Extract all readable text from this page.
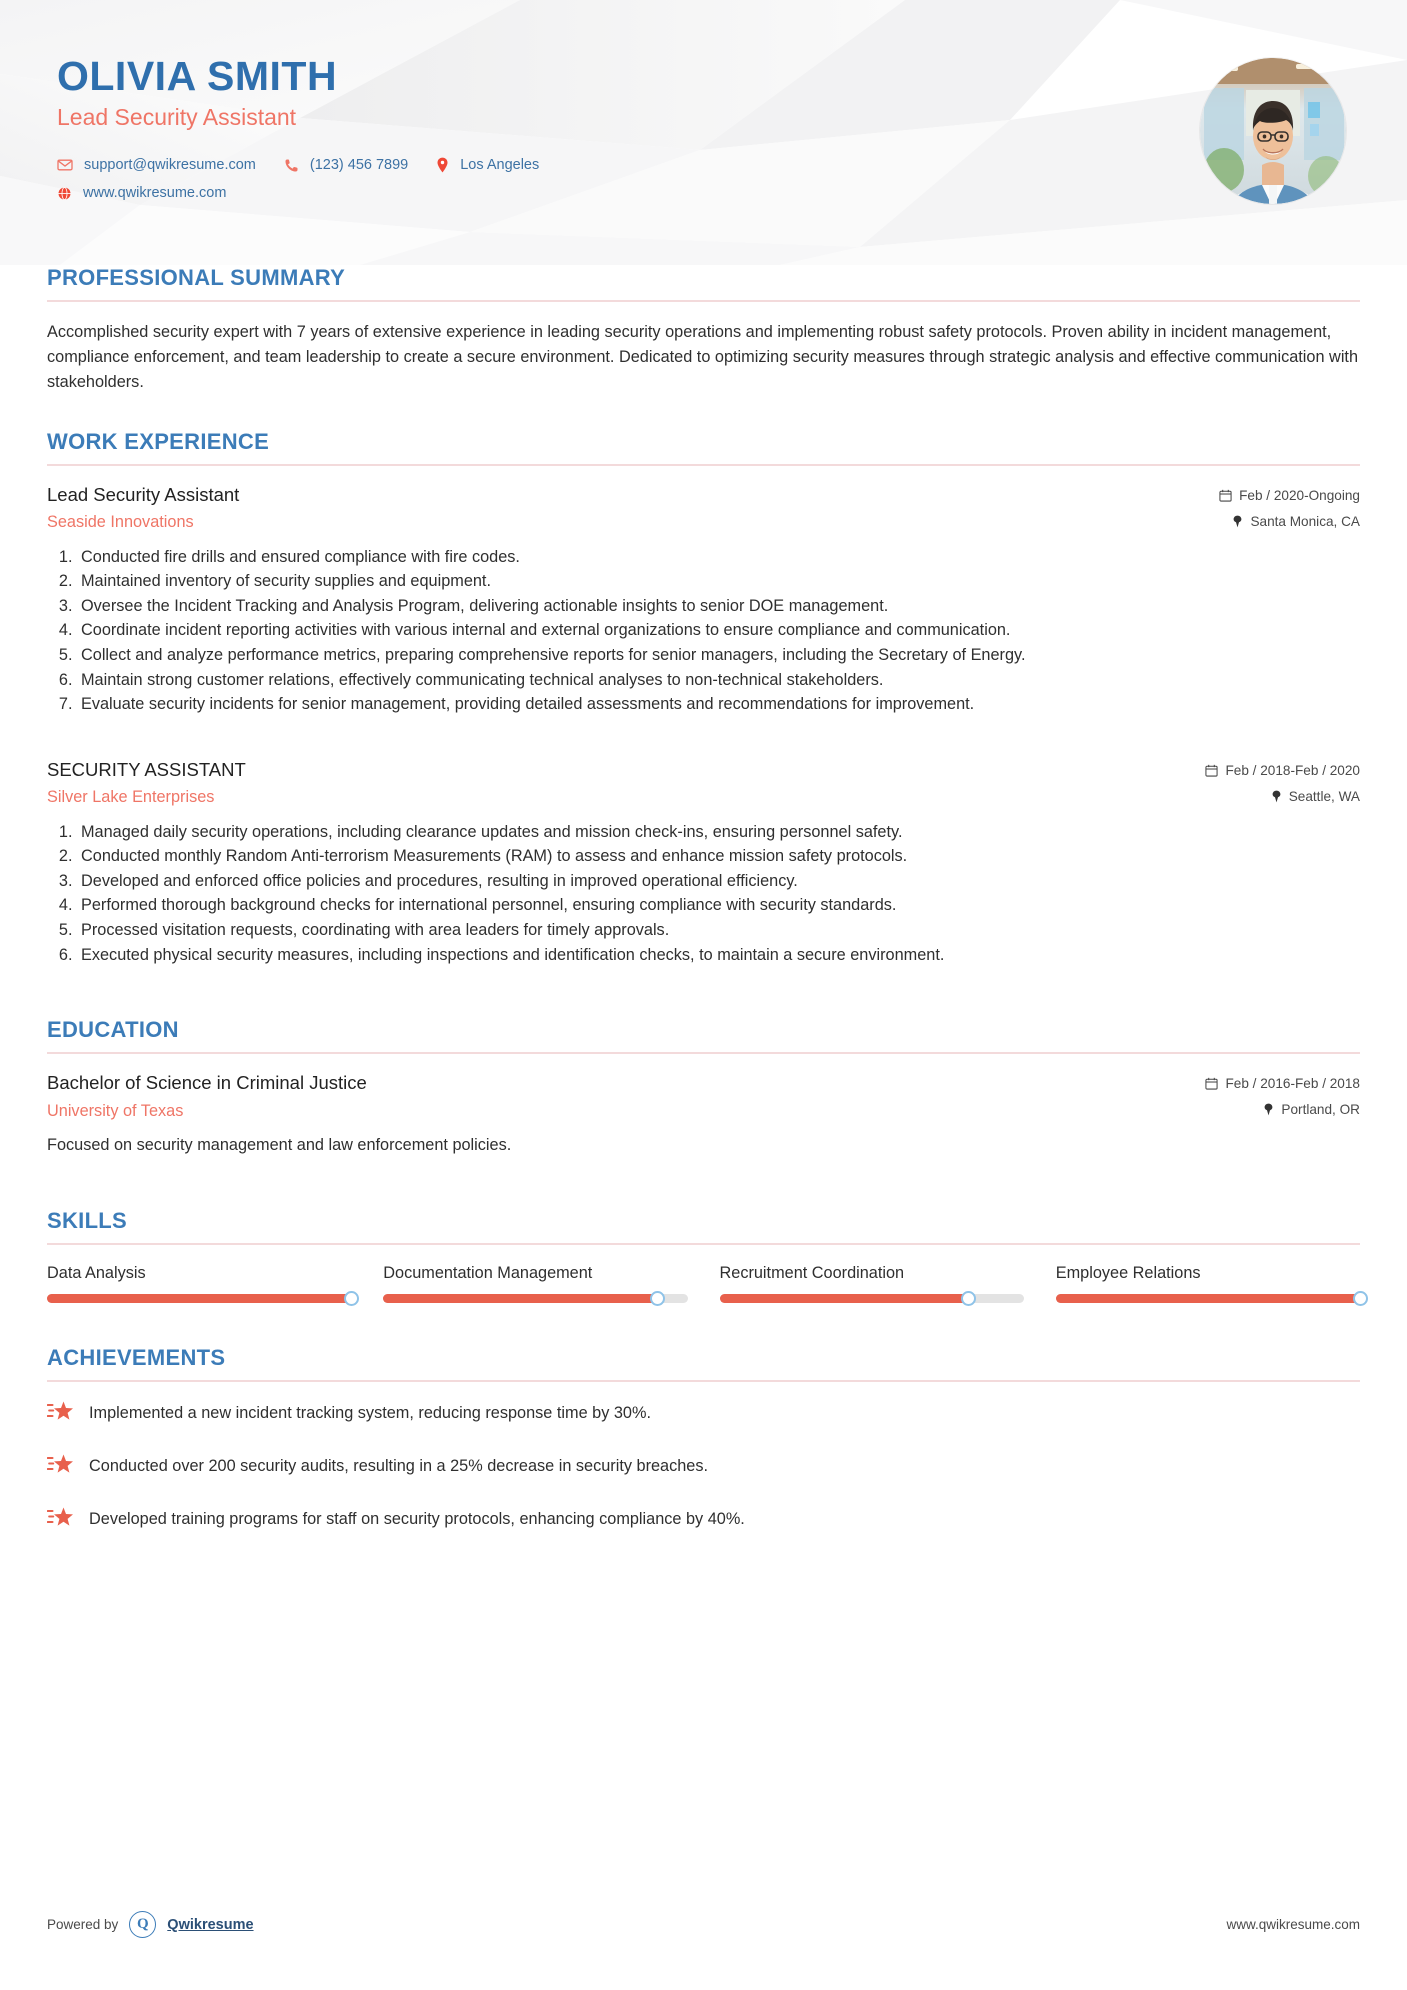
OLIVIA SMITH
Lead Security Assistant
support@qwikresume.com	(123) 456 7899	Los Angeles
www.qwikresume.com
PROFESSIONAL SUMMARY

Accomplished security expert with 7 years of extensive experience in leading security operations and implementing robust safety protocols. Proven ability in incident management, compliance enforcement, and team leadership to create a secure environment. Dedicated to optimizing security measures through strategic analysis and effective communication with stakeholders.

WORK EXPERIENCE
Lead Security Assistant
Seaside Innovations
Feb / 2020-Ongoing
Santa Monica, CA
1. Conducted fire drills and ensured compliance with fire codes.
2. Maintained inventory of security supplies and equipment.
3. Oversee the Incident Tracking and Analysis Program, delivering actionable insights to senior DOE management.
4. Coordinate incident reporting activities with various internal and external organizations to ensure compliance and communication.
5. Collect and analyze performance metrics, preparing comprehensive reports for senior managers, including the Secretary of Energy.
6. Maintain strong customer relations, effectively communicating technical analyses to non-technical stakeholders.
7. Evaluate security incidents for senior management, providing detailed assessments and recommendations for improvement.
SECURITY ASSISTANT
Silver Lake Enterprises
Feb / 2018-Feb / 2020
Seattle, WA
1. Managed daily security operations, including clearance updates and mission check-ins, ensuring personnel safety.
2. Conducted monthly Random Anti-terrorism Measurements (RAM) to assess and enhance mission safety protocols.
3. Developed and enforced office policies and procedures, resulting in improved operational efficiency.
4. Performed thorough background checks for international personnel, ensuring compliance with security standards.
5. Processed visitation requests, coordinating with area leaders for timely approvals.
6. Executed physical security measures, including inspections and identification checks, to maintain a secure environment.
EDUCATION
Bachelor of Science in Criminal Justice
University of Texas
Feb / 2016-Feb / 2018
Portland, OR

Focused on security management and law enforcement policies.

SKILLS
Data Analysis	Documentation Management	Recruitment Coordination	Employee Relations
ACHIEVEMENTS
Implemented a new incident tracking system, reducing response time by 30%.
Conducted over 200 security audits, resulting in a 25% decrease in security breaches.
Developed training programs for staff on security protocols, enhancing compliance by 40%.
Powered by	Q	Qwikresume	www.qwikresume.com
